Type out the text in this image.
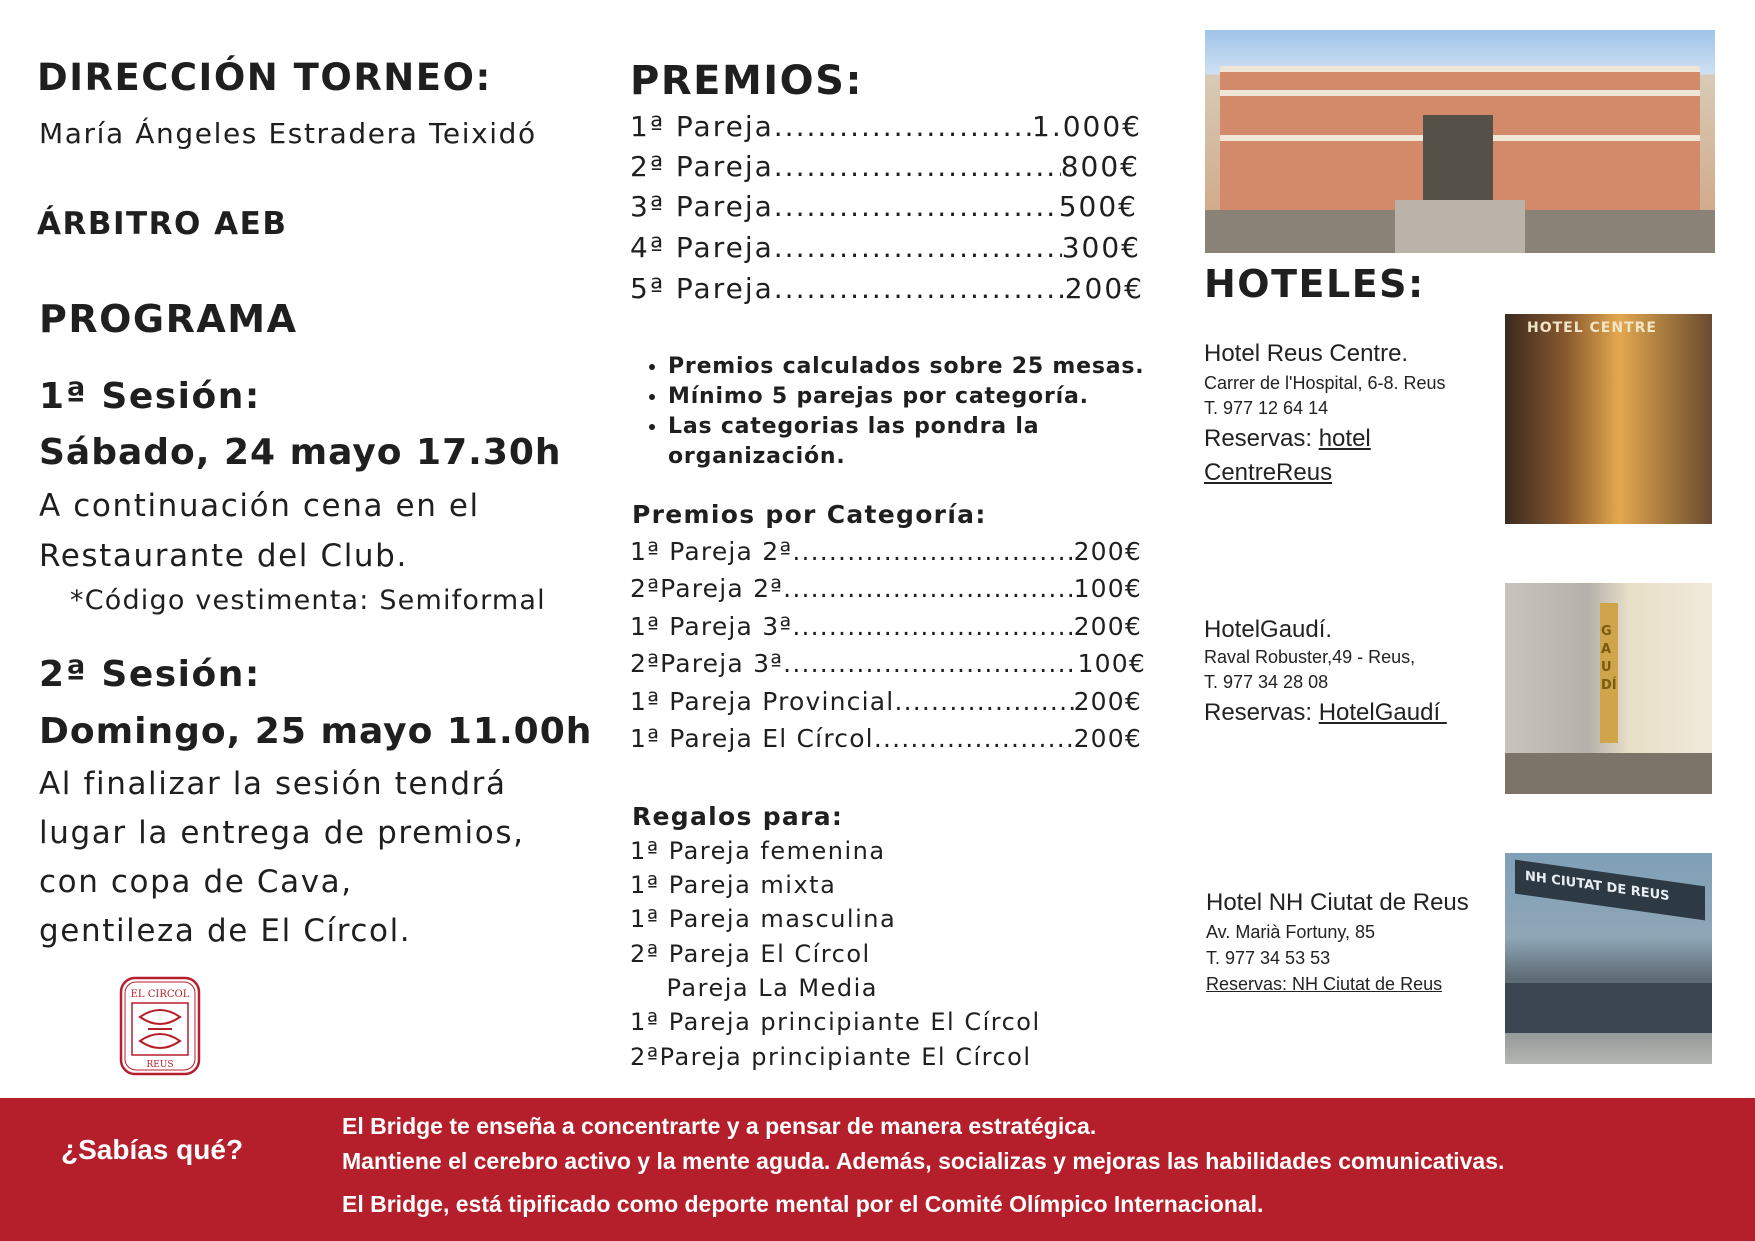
DIRECCIÓN TORNEO:
María Ángeles Estradera Teixidó
ÁRBITRO AEB
PROGRAMA
1ª Sesión:
Sábado, 24 mayo 17.30h
A continuación cena en el
Restaurante del Club.
*Código vestimenta: Semiformal
2ª Sesión:
Domingo, 25 mayo 11.00h
Al finalizar la sesión tendrá
lugar la entrega de premios,
con copa de Cava,
gentileza de El Círcol.
EL CIRCOL
REUS
PREMIOS:
1ª Pareja .....	1.000€
2ª Pareja .....	800€
3ª Pareja .....	500€
4ª Pareja .....	300€
5ª Pareja .....	200€
• Premios calculados sobre 25 mesas.
• Mínimo 5 parejas por categoría.
• Las categorias las pondra la organización.
Premios por Categoría:
1ª Pareja 2ª .....	200€
2ªPareja 2ª .....	100€
1ª Pareja 3ª .....	200€
2ªPareja 3ª .....	100€
1ª Pareja Provincial .....	200€
1ª Pareja El Círcol .....	200€
Regalos para:
1ª Pareja femenina
1ª Pareja mixta
1ª Pareja masculina
2ª Pareja El Círcol
Pareja La Media
1ª Pareja principiante El Círcol
2ªPareja principiante El Círcol
HOTELES:
Hotel Reus Centre.
Carrer de l'Hospital, 6-8. Reus
T. 977 12 64 14
Reservas: hotel
CentreReus
HOTEL CENTRE
HotelGaudí.
Raval Robuster,49 - Reus,
T. 977 34 28 08
Reservas: HotelGaudí
GAUDÍ
Hotel NH Ciutat de Reus
Av. Marià Fortuny, 85
T. 977 34 53 53
Reservas: NH Ciutat de Reus
NH CIUTAT DE REUS
¿Sabías qué?
El Bridge te enseña a concentrarte y a pensar de manera estratégica.
Mantiene el cerebro activo y la mente aguda. Además, socializas y mejoras las habilidades comunicativas.
El Bridge, está tipificado como deporte mental por el Comité Olímpico Internacional.
